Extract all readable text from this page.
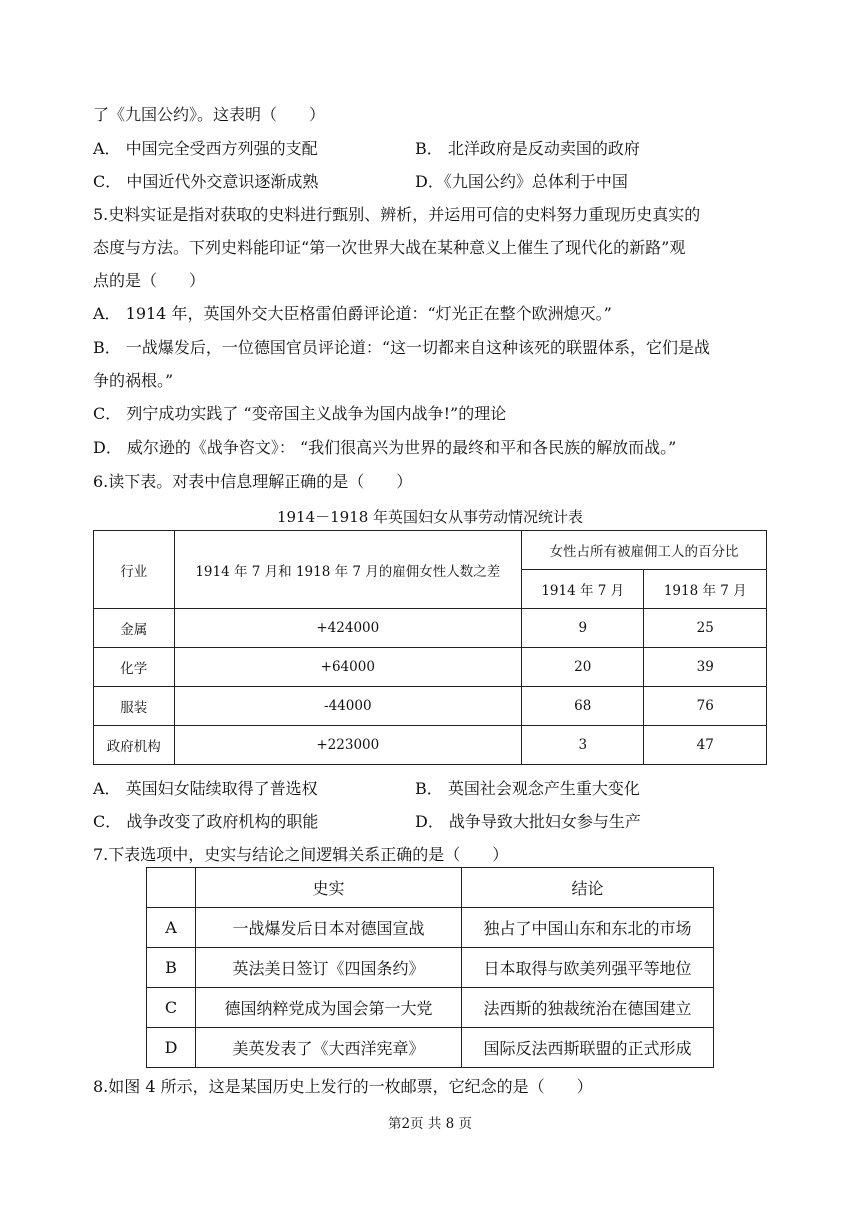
了《九国公约》。这表明（　　）
A． 中国完全受西方列强的支配	B． 北洋政府是反动卖国的政府
C． 中国近代外交意识逐渐成熟	D．《九国公约》总体利于中国
5.史料实证是指对获取的史料进行甄别、辨析，并运用可信的史料努力重现历史真实的
态度与方法。下列史料能印证“第一次世界大战在某种意义上催生了现代化的新路”观
点的是（　　）
A． 1914 年，英国外交大臣格雷伯爵评论道：“灯光正在整个欧洲熄灭。”
B． 一战爆发后，一位德国官员评论道：“这一切都来自这种该死的联盟体系，它们是战
争的祸根。”
C． 列宁成功实践了 “变帝国主义战争为国内战争!”的理论
D． 威尔逊的《战争咨文》： “我们很高兴为世界的最终和平和各民族的解放而战。”
6.读下表。对表中信息理解正确的是（　　）
1914－1918 年英国妇女从事劳动情况统计表
行业	1914 年 7 月和 1918 年 7 月的雇佣女性人数之差	女性占所有被雇佣工人的百分比	
		1914 年 7 月	1918 年 7 月
金属	+424000	9	25
化学	+64000	20	39
服装	-44000	68	76
政府机构	+223000	3	47
A． 英国妇女陆续取得了普选权	B． 英国社会观念产生重大变化
C． 战争改变了政府机构的职能	D． 战争导致大批妇女参与生产
7.下表选项中，史实与结论之间逻辑关系正确的是（　　）
	史实	结论
A	一战爆发后日本对德国宣战	独占了中国山东和东北的市场
B	英法美日签订《四国条约》	日本取得与欧美列强平等地位
C	德国纳粹党成为国会第一大党	法西斯的独裁统治在德国建立
D	美英发表了《大西洋宪章》	国际反法西斯联盟的正式形成
8.如图 4 所示，这是某国历史上发行的一枚邮票，它纪念的是（　　）
第2页 共 8 页
